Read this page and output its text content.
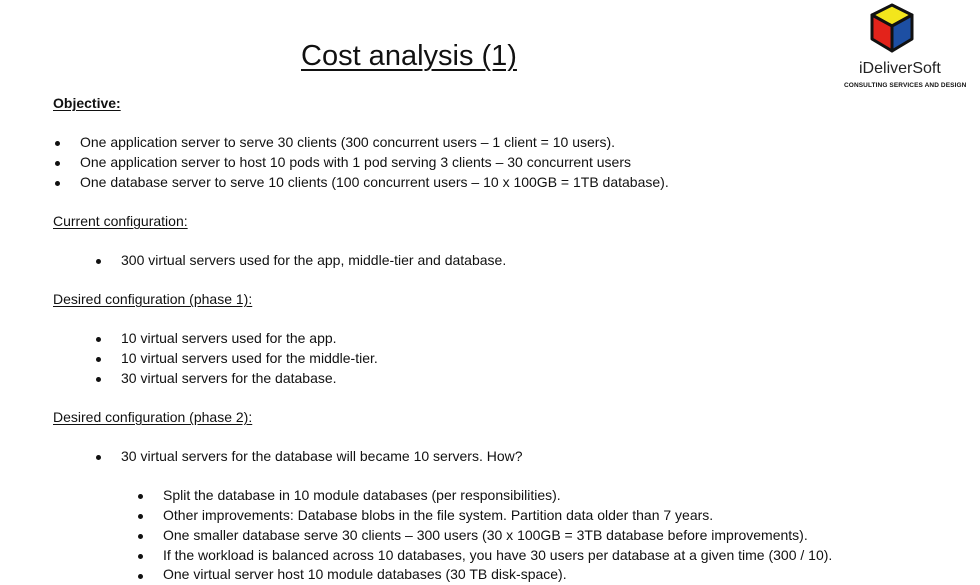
Cost analysis (1)	iDeliverSoft
CONSULTING SERVICES AND DESIGN
Objective:
One application server to serve 30 clients (300 concurrent users – 1 client = 10 users).
One application server to host 10 pods with 1 pod serving 3 clients – 30 concurrent users
One database server to serve 10 clients (100 concurrent users – 10 x 100GB = 1TB database).
Current configuration:
300 virtual servers used for the app, middle-tier and database.
Desired configuration (phase 1):
10 virtual servers used for the app.
10 virtual servers used for the middle-tier.
30 virtual servers for the database.
Desired configuration (phase 2):
30 virtual servers for the database will became 10 servers. How?
Split the database in 10 module databases (per responsibilities).
Other improvements: Database blobs in the file system. Partition data older than 7 years.
One smaller database serve 30 clients – 300 users (30 x 100GB = 3TB database before improvements).
If the workload is balanced across 10 databases, you have 30 users per database at a given time (300 / 10).
One virtual server host 10 module databases (30 TB disk-space).
